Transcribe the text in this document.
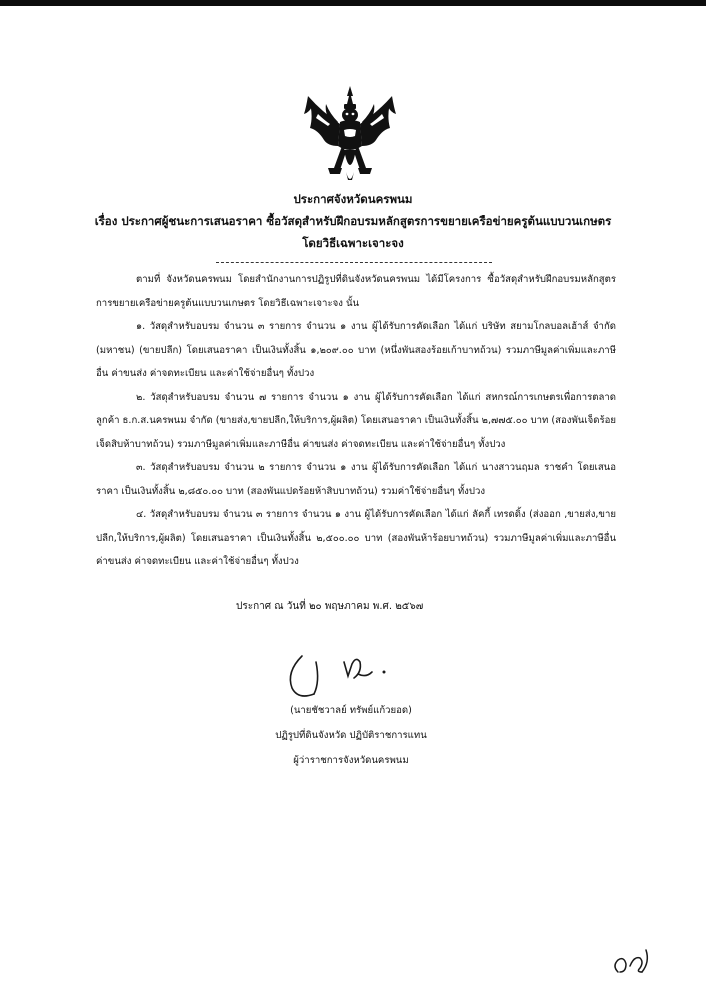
ประกาศจังหวัดนครพนม
เรื่อง ประกาศผู้ชนะการเสนอราคา ซื้อวัสดุสำหรับฝึกอบรมหลักสูตรการขยายเครือข่ายครูต้นแบบวนเกษตร
โดยวิธีเฉพาะเจาะจง

ตามที่ จังหวัดนครพนม โดยสำนักงานการปฏิรูปที่ดินจังหวัดนครพนม ได้มีโครงการ ซื้อวัสดุสำหรับฝึกอบรมหลักสูตรการขยายเครือข่ายครูต้นแบบวนเกษตร โดยวิธีเฉพาะเจาะจง นั้น

๑. วัสดุสำหรับอบรม จำนวน ๓ รายการ จำนวน ๑ งาน ผู้ได้รับการคัดเลือก ได้แก่ บริษัท สยามโกลบอลเฮ้าส์ จำกัด (มหาชน) (ขายปลีก) โดยเสนอราคา เป็นเงินทั้งสิ้น ๑,๒๐๙.๐๐ บาท (หนึ่งพันสองร้อยเก้าบาทถ้วน) รวมภาษีมูลค่าเพิ่มและภาษีอื่น ค่าขนส่ง ค่าจดทะเบียน และค่าใช้จ่ายอื่นๆ ทั้งปวง

๒. วัสดุสำหรับอบรม จำนวน ๗ รายการ จำนวน ๑ งาน ผู้ได้รับการคัดเลือก ได้แก่ สหกรณ์การเกษตรเพื่อการตลาดลูกค้า ธ.ก.ส.นครพนม จำกัด (ขายส่ง,ขายปลีก,ให้บริการ,ผู้ผลิต) โดยเสนอราคา เป็นเงินทั้งสิ้น ๒,๗๗๕.๐๐ บาท (สองพันเจ็ดร้อยเจ็ดสิบห้าบาทถ้วน) รวมภาษีมูลค่าเพิ่มและภาษีอื่น ค่าขนส่ง ค่าจดทะเบียน และค่าใช้จ่ายอื่นๆ ทั้งปวง

๓. วัสดุสำหรับอบรม จำนวน ๒ รายการ จำนวน ๑ งาน ผู้ได้รับการคัดเลือก ได้แก่ นางสาวนฤมล ราชคำ โดยเสนอราคา เป็นเงินทั้งสิ้น ๒,๘๕๐.๐๐ บาท (สองพันแปดร้อยห้าสิบบาทถ้วน) รวมค่าใช้จ่ายอื่นๆ ทั้งปวง

๔. วัสดุสำหรับอบรม จำนวน ๓ รายการ จำนวน ๑ งาน ผู้ได้รับการคัดเลือก ได้แก่ ลัคกี้ เทรดดิ้ง (ส่งออก ,ขายส่ง,ขายปลีก,ให้บริการ,ผู้ผลิต) โดยเสนอราคา เป็นเงินทั้งสิ้น ๒,๕๐๐.๐๐ บาท (สองพันห้าร้อยบาทถ้วน) รวมภาษีมูลค่าเพิ่มและภาษีอื่น ค่าขนส่ง ค่าจดทะเบียน และค่าใช้จ่ายอื่นๆ ทั้งปวง

ประกาศ ณ วันที่ ๒๐ พฤษภาคม พ.ศ. ๒๕๖๗
(นายชัชวาลย์ ทรัพย์แก้วยอด)
ปฏิรูปที่ดินจังหวัด ปฏิบัติราชการแทน
ผู้ว่าราชการจังหวัดนครพนม
